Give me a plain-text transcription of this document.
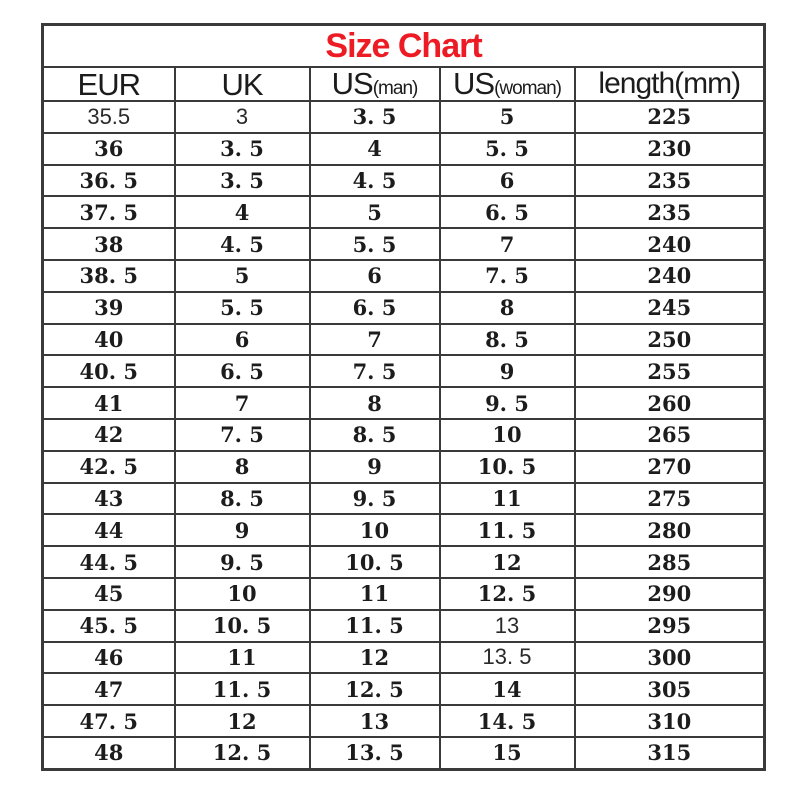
Size Chart				
EUR	UK	US(man)	US(woman)	length(mm)
35.5	3	3. 5	5	225
36	3. 5	4	5. 5	230
36. 5	3. 5	4. 5	6	235
37. 5	4	5	6. 5	235
38	4. 5	5. 5	7	240
38. 5	5	6	7. 5	240
39	5. 5	6. 5	8	245
40	6	7	8. 5	250
40. 5	6. 5	7. 5	9	255
41	7	8	9. 5	260
42	7. 5	8. 5	10	265
42. 5	8	9	10. 5	270
43	8. 5	9. 5	11	275
44	9	10	11. 5	280
44. 5	9. 5	10. 5	12	285
45	10	11	12. 5	290
45. 5	10. 5	11. 5	13	295
46	11	12	13. 5	300
47	11. 5	12. 5	14	305
47. 5	12	13	14. 5	310
48	12. 5	13. 5	15	315
